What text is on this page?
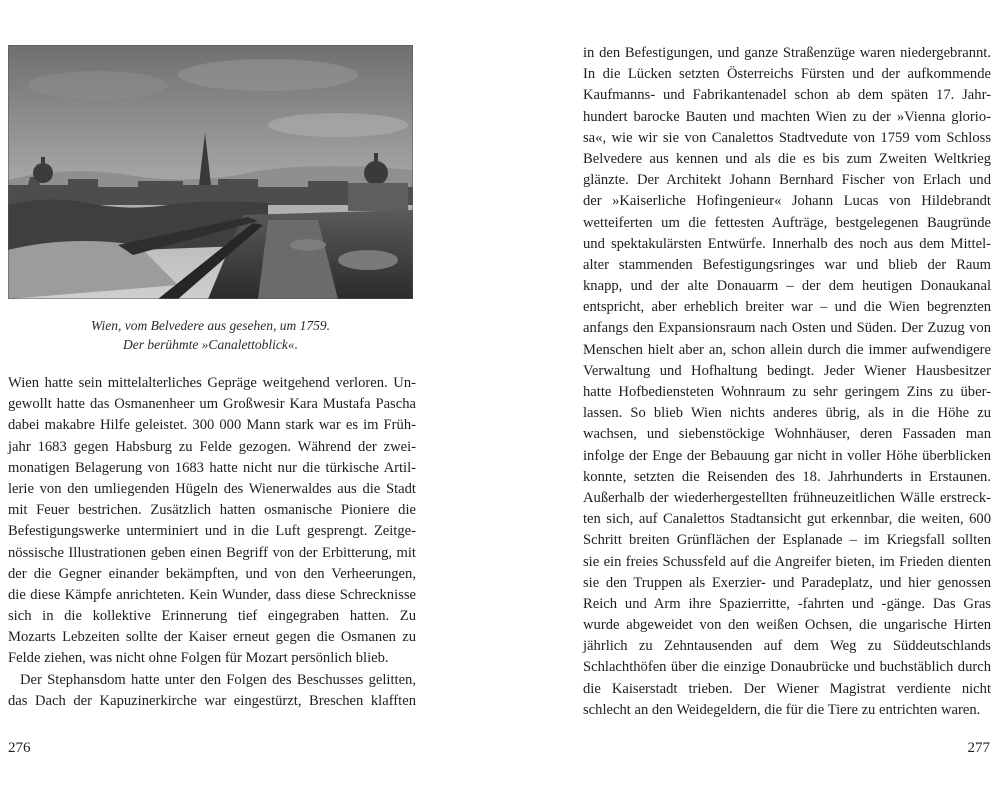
Wien, vom Belvedere aus gesehen, um 1759.
Der berühmte »Canalettoblick«.
Wien hatte sein mittelalterliches Gepräge weitgehend verloren. Un-
gewollt hatte das Osmanenheer um Großwesir Kara Mustafa Pascha
dabei makabre Hilfe geleistet. 300 000 Mann stark war es im Früh-
jahr 1683 gegen Habsburg zu Felde gezogen. Während der zwei-
monatigen Belagerung von 1683 hatte nicht nur die türkische Artil-
lerie von den umliegenden Hügeln des Wienerwaldes aus die Stadt
mit Feuer bestrichen. Zusätzlich hatten osmanische Pioniere die
Befestigungswerke unterminiert und in die Luft gesprengt. Zeitge-
nössische Illustrationen geben einen Begriff von der Erbitterung, mit
der die Gegner einander bekämpften, und von den Verheerungen,
die diese Kämpfe anrichteten. Kein Wunder, dass diese Schrecknisse
sich in die kollektive Erinnerung tief eingegraben hatten. Zu
Mozarts Lebzeiten sollte der Kaiser erneut gegen die Osmanen zu
Felde ziehen, was nicht ohne Folgen für Mozart persönlich blieb.
Der Stephansdom hatte unter den Folgen des Beschusses gelitten,
das Dach der Kapuzinerkirche war eingestürzt, Breschen klafften
276
in den Befestigungen, und ganze Straßenzüge waren niedergebrannt.
In die Lücken setzten Österreichs Fürsten und der aufkommende
Kaufmanns- und Fabrikantenadel schon ab dem späten 17. Jahr-
hundert barocke Bauten und machten Wien zu der »Vienna gloriо-
sa«, wie wir sie von Canalettos Stadtvedute von 1759 vom Schloss
Belvedere aus kennen und als die es bis zum Zweiten Weltkrieg
glänzte. Der Architekt Johann Bernhard Fischer von Erlach und
der »Kaiserliche Hofingenieur« Johann Lucas von Hildebrandt
wetteiferten um die fettesten Aufträge, bestgelegenen Baugründe
und spektakulärsten Entwürfe. Innerhalb des noch aus dem Mittel-
alter stammenden Befestigungsringes war und blieb der Raum
knapp, und der alte Donauarm – der dem heutigen Donaukanal
entspricht, aber erheblich breiter war – und die Wien begrenzten
anfangs den Expansionsraum nach Osten und Süden. Der Zuzug von
Menschen hielt aber an, schon allein durch die immer aufwendigere
Verwaltung und Hofhaltung bedingt. Jeder Wiener Hausbesitzer
hatte Hofbediensteten Wohnraum zu sehr geringem Zins zu über-
lassen. So blieb Wien nichts anderes übrig, als in die Höhe zu
wachsen, und siebenstöckige Wohnhäuser, deren Fassaden man
infolge der Enge der Bebauung gar nicht in voller Höhe überblicken
konnte, setzten die Reisenden des 18. Jahrhunderts in Erstaunen.
Außerhalb der wiederhergestellten frühneuzeitlichen Wälle erstreck-
ten sich, auf Canalettos Stadtansicht gut erkennbar, die weiten, 600
Schritt breiten Grünflächen der Esplanade – im Kriegsfall sollten
sie ein freies Schussfeld auf die Angreifer bieten, im Frieden dienten
sie den Truppen als Exerzier- und Paradeplatz, und hier genossen
Reich und Arm ihre Spazierritte, -fahrten und -gänge. Das Gras
wurde abgeweidet von den weißen Ochsen, die ungarische Hirten
jährlich zu Zehntausenden auf dem Weg zu Süddeutschlands
Schlachthöfen über die einzige Donaubrücke und buchstäblich durch
die Kaiserstadt trieben. Der Wiener Magistrat verdiente nicht
schlecht an den Weidegeldern, die für die Tiere zu entrichten waren.
277
